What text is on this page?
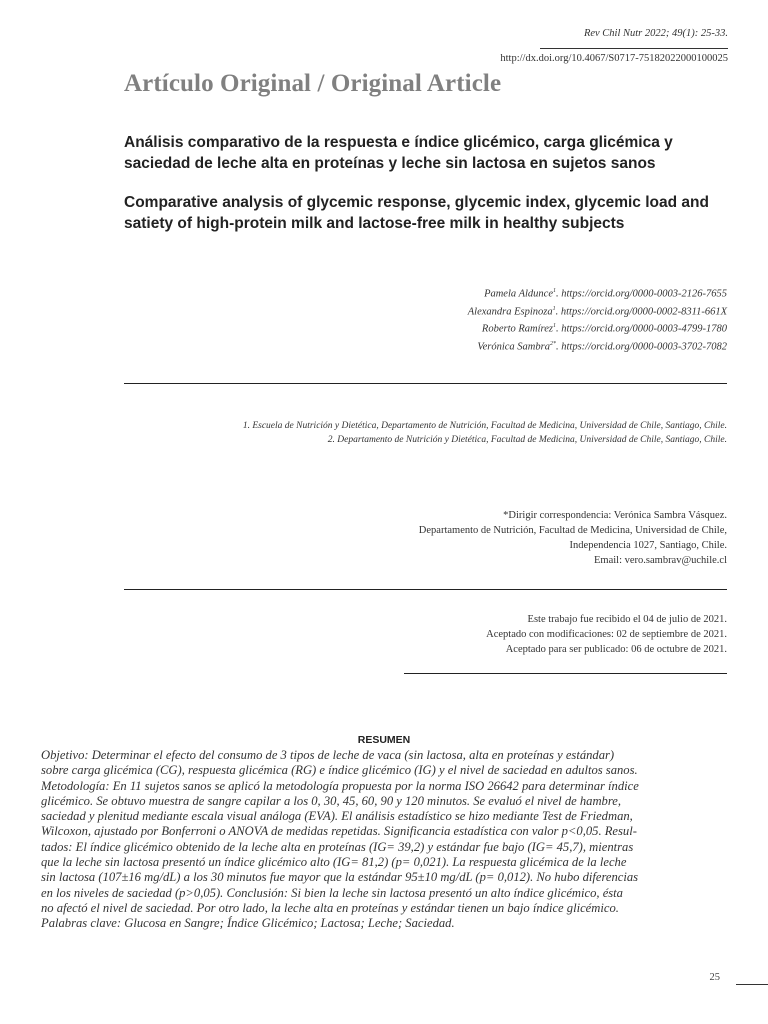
Rev Chil Nutr 2022; 49(1): 25-33.
http://dx.doi.org/10.4067/S0717-75182022000100025
Artículo Original / Original Article
Análisis comparativo de la respuesta e índice glicémico, carga glicémica y saciedad de leche alta en proteínas y leche sin lactosa en sujetos sanos
Comparative analysis of glycemic response, glycemic index, glycemic load and satiety of high-protein milk and lactose-free milk in healthy subjects
Pamela Aldunce$^1$. https://orcid.org/0000-0003-2126-7655
Alexandra Espinoza$^1$. https://orcid.org/0000-0002-8311-661X
Roberto Ramírez$^1$. https://orcid.org/0000-0003-4799-1780
Verónica Sambra$^{2*}$. https://orcid.org/0000-0003-3702-7082
1. Escuela de Nutrición y Dietética, Departamento de Nutrición, Facultad de Medicina, Universidad de Chile, Santiago, Chile.
2. Departamento de Nutrición y Dietética, Facultad de Medicina, Universidad de Chile, Santiago, Chile.
*Dirigir correspondencia: Verónica Sambra Vásquez.
Departamento de Nutrición, Facultad de Medicina, Universidad de Chile,
Independencia 1027, Santiago, Chile.
Email: vero.sambrav@uchile.cl
Este trabajo fue recibido el 04 de julio de 2021.
Aceptado con modificaciones: 02 de septiembre de 2021.
Aceptado para ser publicado: 06 de octubre de 2021.
RESUMEN
Objetivo: Determinar el efecto del consumo de 3 tipos de leche de vaca (sin lactosa, alta en proteínas y estándar)
sobre carga glicémica (CG), respuesta glicémica (RG) e índice glicémico (IG) y el nivel de saciedad en adultos sanos.
Metodología: En 11 sujetos sanos se aplicó la metodología propuesta por la norma ISO 26642 para determinar índice
glicémico. Se obtuvo muestra de sangre capilar a los 0, 30, 45, 60, 90 y 120 minutos. Se evaluó el nivel de hambre,
saciedad y plenitud mediante escala visual análoga (EVA). El análisis estadístico se hizo mediante Test de Friedman,
Wilcoxon, ajustado por Bonferroni o ANOVA de medidas repetidas. Significancia estadística con valor p<0,05. Resul-
tados: El índice glicémico obtenido de la leche alta en proteínas (IG= 39,2) y estándar fue bajo (IG= 45,7), mientras
que la leche sin lactosa presentó un índice glicémico alto (IG= 81,2) (p= 0,021). La respuesta glicémica de la leche
sin lactosa (107±16 mg/dL) a los 30 minutos fue mayor que la estándar 95±10 mg/dL (p= 0,012). No hubo diferencias
en los niveles de saciedad (p>0,05). Conclusión: Si bien la leche sin lactosa presentó un alto índice glicémico, ésta
no afectó el nivel de saciedad. Por otro lado, la leche alta en proteínas y estándar tienen un bajo índice glicémico.
Palabras clave: Glucosa en Sangre; Índice Glicémico; Lactosa; Leche; Saciedad.
25
